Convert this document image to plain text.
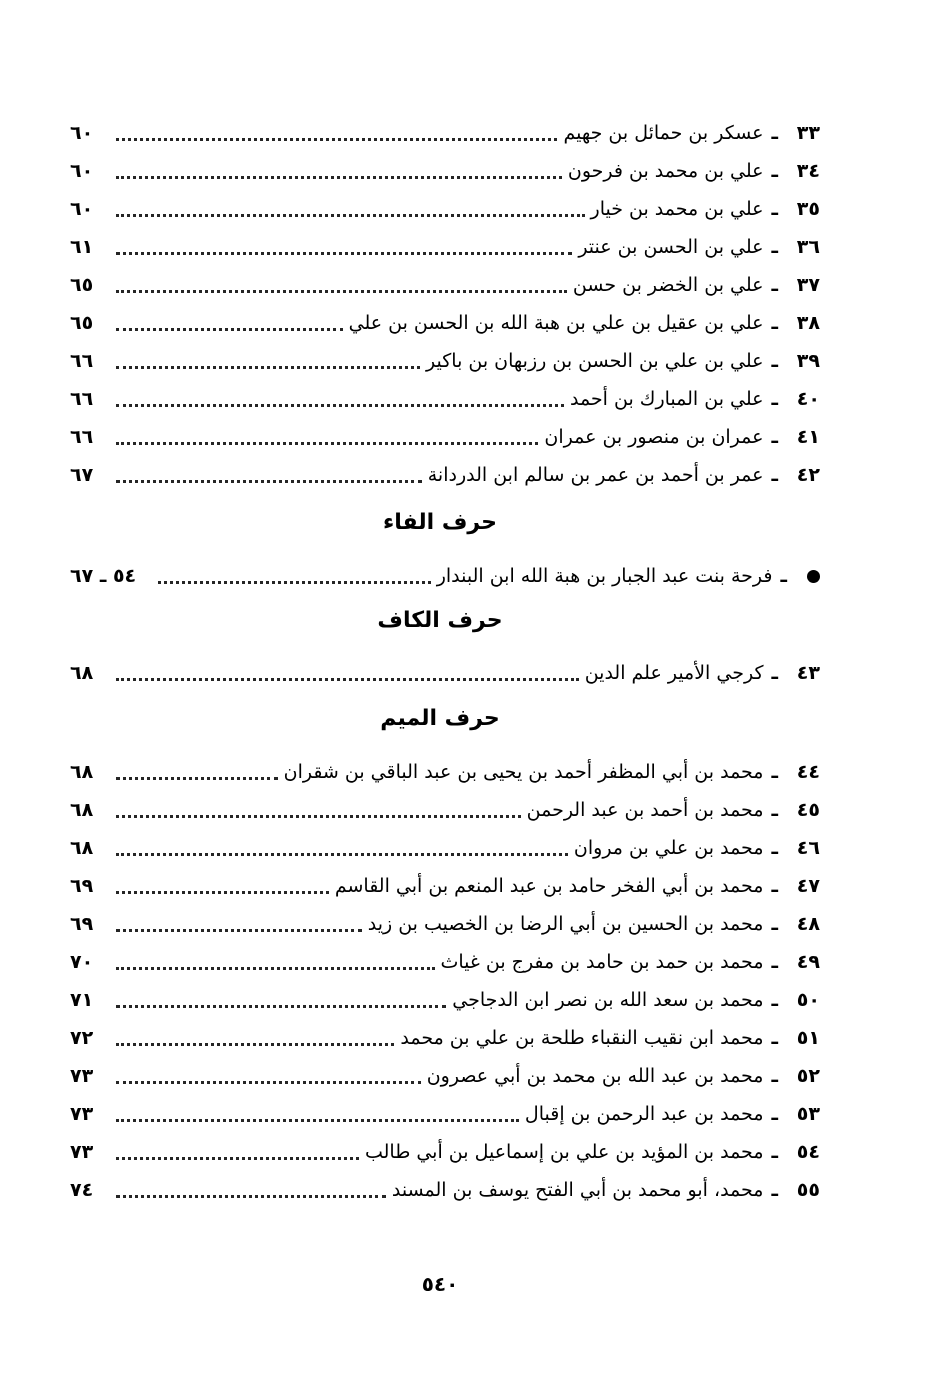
٣٣
ـ
عسكر بن حمائل بن جهيم
٦٠
٣٤
ـ
علي بن محمد بن فرحون
٦٠
٣٥
ـ
علي بن محمد بن خيار
٦٠
٣٦
ـ
علي بن الحسن بن عنتر
٦١
٣٧
ـ
علي بن الخضر بن حسن
٦٥
٣٨
ـ
علي بن عقيل بن علي بن هبة الله بن الحسن بن علي
٦٥
٣٩
ـ
علي بن علي بن الحسن بن رزبهان بن باكير
٦٦
٤٠
ـ
علي بن المبارك بن أحمد
٦٦
٤١
ـ
عمران بن منصور بن عمران
٦٦
٤٢
ـ
عمر بن أحمد بن عمر بن سالم ابن الدردانة
٦٧
حرف الفاء
ـ
فرحة بنت عبد الجبار بن هبة الله ابن البندار
٥٤ ـ ٦٧
حرف الكاف
٤٣
ـ
كرجي الأمير علم الدين
٦٨
حرف الميم
٤٤
ـ
محمد بن أبي المظفر أحمد بن يحيى بن عبد الباقي بن شقران
٦٨
٤٥
ـ
محمد بن أحمد بن عبد الرحمن
٦٨
٤٦
ـ
محمد بن علي بن مروان
٦٨
٤٧
ـ
محمد بن أبي الفخر حامد بن عبد المنعم بن أبي القاسم
٦٩
٤٨
ـ
محمد بن الحسين بن أبي الرضا بن الخصيب بن زيد
٦٩
٤٩
ـ
محمد بن حمد بن حامد بن مفرج بن غياث
٧٠
٥٠
ـ
محمد بن سعد الله بن نصر ابن الدجاجي
٧١
٥١
ـ
محمد ابن نقيب النقباء طلحة بن علي بن محمد
٧٢
٥٢
ـ
محمد بن عبد الله بن محمد بن أبي عصرون
٧٣
٥٣
ـ
محمد بن عبد الرحمن بن إقبال
٧٣
٥٤
ـ
محمد بن المؤيد بن علي بن إسماعيل بن أبي طالب
٧٣
٥٥
ـ
محمد، أبو محمد بن أبي الفتح يوسف بن المسند
٧٤
٥٤٠
